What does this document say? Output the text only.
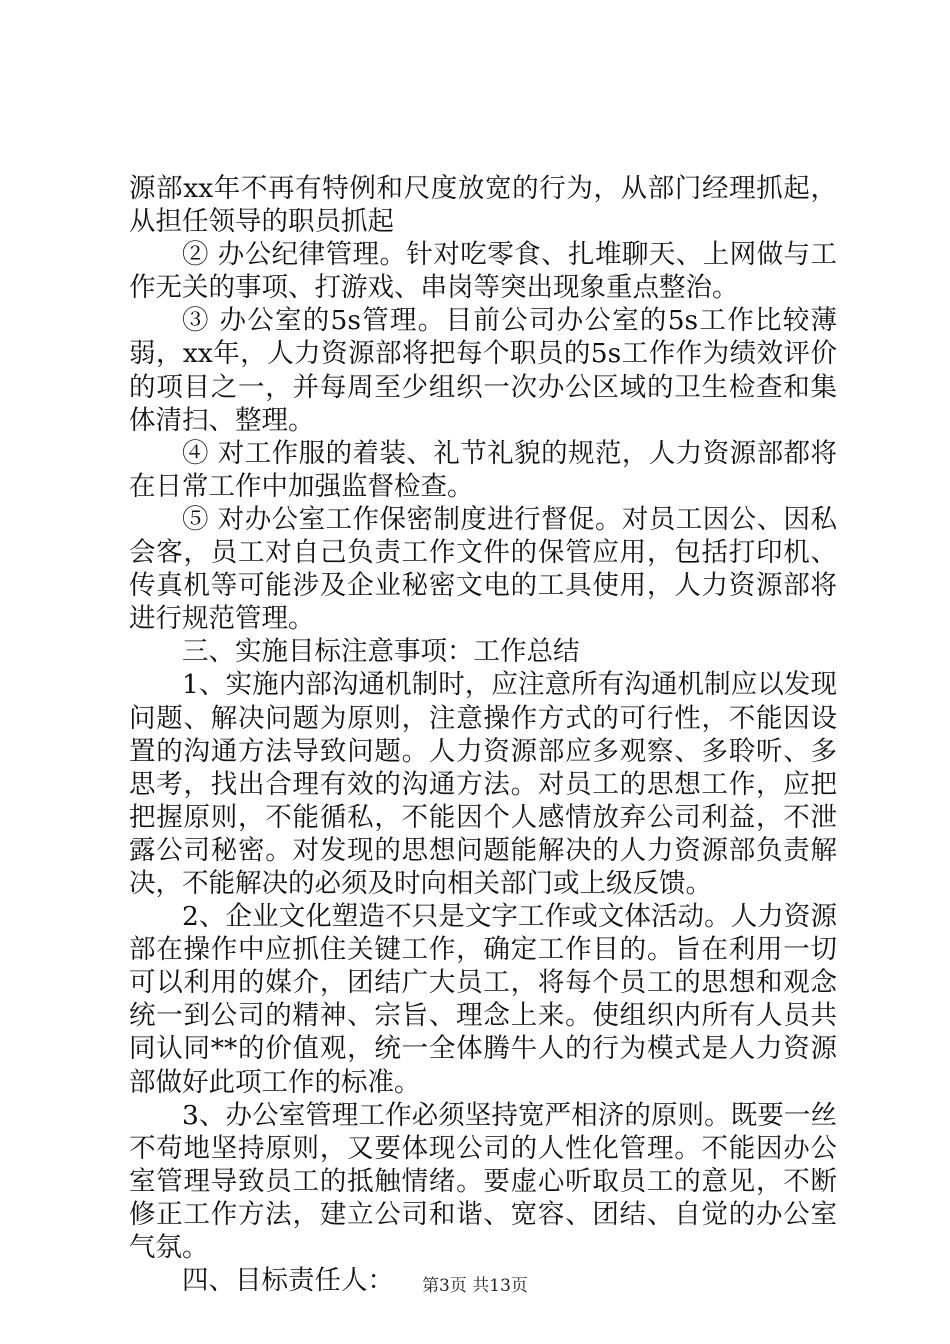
源部xx年不再有特例和尺度放宽的行为，从部门经理抓起，从担任领导的职员抓起

② 办公纪律管理。针对吃零食、扎堆聊天、上网做与工作无关的事项、打游戏、串岗等突出现象重点整治。

③ 办公室的5s管理。目前公司办公室的5s工作比较薄弱，xx年，人力资源部将把每个职员的5s工作作为绩效评价的项目之一，并每周至少组织一次办公区域的卫生检查和集体清扫、整理。

④ 对工作服的着装、礼节礼貌的规范，人力资源部都将在日常工作中加强监督检查。

⑤ 对办公室工作保密制度进行督促。对员工因公、因私会客，员工对自己负责工作文件的保管应用，包括打印机、传真机等可能涉及企业秘密文电的工具使用，人力资源部将进行规范管理。

三、实施目标注意事项：工作总结

1、实施内部沟通机制时，应注意所有沟通机制应以发现问题、解决问题为原则，注意操作方式的可行性，不能因设置的沟通方法导致问题。人力资源部应多观察、多聆听、多思考，找出合理有效的沟通方法。对员工的思想工作，应把把握原则，不能循私，不能因个人感情放弃公司利益，不泄露公司秘密。对发现的思想问题能解决的人力资源部负责解决，不能解决的必须及时向相关部门或上级反馈。

2、企业文化塑造不只是文字工作或文体活动。人力资源部在操作中应抓住关键工作，确定工作目的。旨在利用一切可以利用的媒介，团结广大员工，将每个员工的思想和观念统一到公司的精神、宗旨、理念上来。使组织内所有人员共同认同**的价值观，统一全体腾牛人的行为模式是人力资源部做好此项工作的标准。

3、办公室管理工作必须坚持宽严相济的原则。既要一丝不苟地坚持原则，又要体现公司的人性化管理。不能因办公室管理导致员工的抵触情绪。要虚心听取员工的意见，不断修正工作方法，建立公司和谐、宽容、团结、自觉的办公室气氛。

四、目标责任人：	第3页 共13页
